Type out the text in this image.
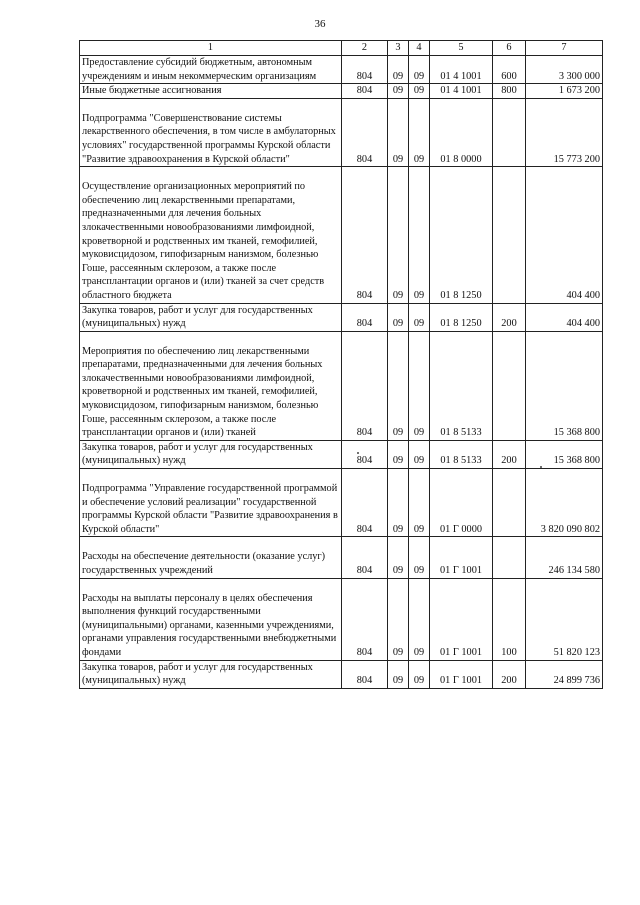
36
1	2	3	4	5	6	7
Предоставление субсидий бюджетным, автономным учреждениям и иным некоммерческим организациям	804	09	09	01 4 1001	600	3 300 000
Иные бюджетные ассигнования	804	09	09	01 4 1001	800	1 673 200

Подпрограмма "Совершенствование системы лекарственного обеспечения, в том числе в амбулаторных условиях" государственной программы Курской области "Развитие здравоохранения в Курской области"	804	09	09	01 8 0000		15 773 200

Осуществление организационных мероприятий по обеспечению лиц лекарственными препаратами, предназначенными для лечения больных злокачественными новообразованиями лимфоидной, кроветворной и родственных им тканей, гемофилией, муковисцидозом, гипофизарным нанизмом, болезнью Гоше, рассеянным склерозом, а также после трансплантации органов и (или) тканей за счет средств областного бюджета	804	09	09	01 8 1250		404 400
Закупка товаров, работ и услуг для государственных (муниципальных) нужд	804	09	09	01 8 1250	200	404 400

Мероприятия по обеспечению лиц лекарственными препаратами, предназначенными для лечения больных злокачественными новообразованиями лимфоидной, кроветворной и родственных им тканей, гемофилией, муковисцидозом, гипофизарным нанизмом, болезнью Гоше, рассеянным склерозом, а также после трансплантации органов и (или) тканей	804	09	09	01 8 5133		15 368 800
Закупка товаров, работ и услуг для государственных (муниципальных) нужд	804	09	09	01 8 5133	200	15 368 800

Подпрограмма "Управление государственной программой и обеспечение условий реализации" государственной программы Курской области "Развитие здравоохранения в Курской области"	804	09	09	01 Г 0000		3 820 090 802

Расходы на обеспечение деятельности (оказание услуг) государственных учреждений	804	09	09	01 Г 1001		246 134 580

Расходы на выплаты персоналу в целях обеспечения выполнения функций государственными (муниципальными) органами, казенными учреждениями, органами управления государственными внебюджетными фондами	804	09	09	01 Г 1001	100	51 820 123
Закупка товаров, работ и услуг для государственных (муниципальных) нужд	804	09	09	01 Г 1001	200	24 899 736
